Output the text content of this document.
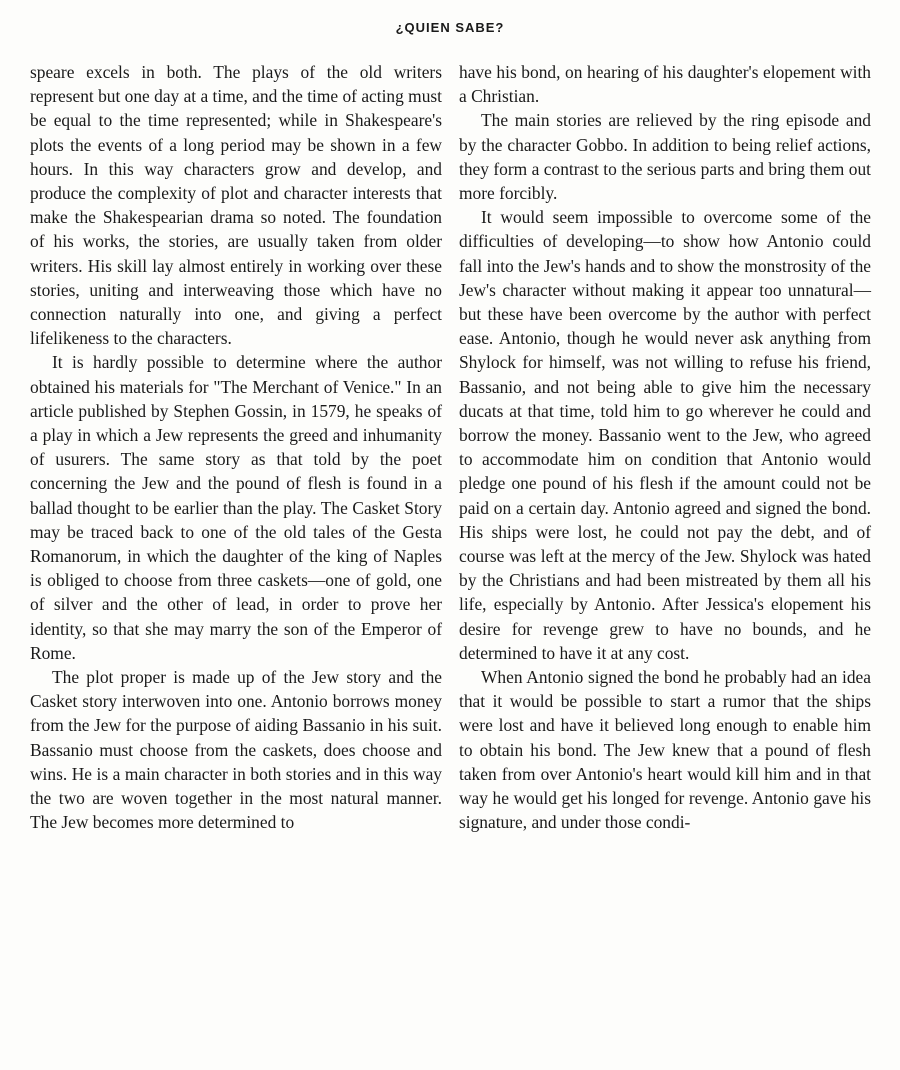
¿QUIEN SABE?

speare excels in both. The plays of the old writers represent but one day at a time, and the time of acting must be equal to the time represented; while in Shakespeare's plots the events of a long period may be shown in a few hours. In this way characters grow and develop, and produce the complexity of plot and character interests that make the Shakespearian drama so noted. The foundation of his works, the stories, are usually taken from older writers. His skill lay almost entirely in working over these stories, uniting and interweaving those which have no connection naturally into one, and giving a perfect lifelikeness to the characters.

It is hardly possible to determine where the author obtained his materials for "The Merchant of Venice." In an article published by Stephen Gossin, in 1579, he speaks of a play in which a Jew represents the greed and inhumanity of usurers. The same story as that told by the poet concerning the Jew and the pound of flesh is found in a ballad thought to be earlier than the play. The Casket Story may be traced back to one of the old tales of the Gesta Romanorum, in which the daughter of the king of Naples is obliged to choose from three caskets—one of gold, one of silver and the other of lead, in order to prove her identity, so that she may marry the son of the Emperor of Rome.

The plot proper is made up of the Jew story and the Casket story interwoven into one. Antonio borrows money from the Jew for the purpose of aiding Bassanio in his suit. Bassanio must choose from the caskets, does choose and wins. He is a main character in both stories and in this way the two are woven together in the most natural manner. The Jew becomes more determined to

have his bond, on hearing of his daughter's elopement with a Christian.

The main stories are relieved by the ring episode and by the character Gobbo. In addition to being relief actions, they form a contrast to the serious parts and bring them out more forcibly.

It would seem impossible to overcome some of the difficulties of developing—to show how Antonio could fall into the Jew's hands and to show the monstrosity of the Jew's character without making it appear too unnatural—but these have been overcome by the author with perfect ease. Antonio, though he would never ask anything from Shylock for himself, was not willing to refuse his friend, Bassanio, and not being able to give him the necessary ducats at that time, told him to go wherever he could and borrow the money. Bassanio went to the Jew, who agreed to accommodate him on condition that Antonio would pledge one pound of his flesh if the amount could not be paid on a certain day. Antonio agreed and signed the bond. His ships were lost, he could not pay the debt, and of course was left at the mercy of the Jew. Shylock was hated by the Christians and had been mistreated by them all his life, especially by Antonio. After Jessica's elopement his desire for revenge grew to have no bounds, and he determined to have it at any cost.

When Antonio signed the bond he probably had an idea that it would be possible to start a rumor that the ships were lost and have it believed long enough to enable him to obtain his bond. The Jew knew that a pound of flesh taken from over Antonio's heart would kill him and in that way he would get his longed for revenge. Antonio gave his signature, and under those condi-
